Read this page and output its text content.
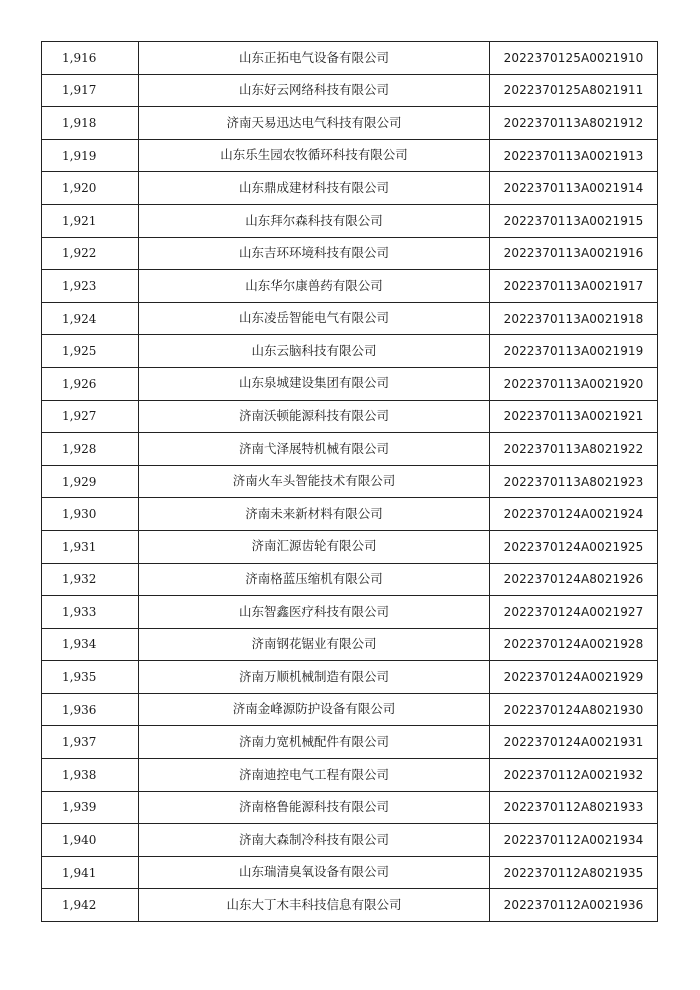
1,916	山东正拓电气设备有限公司	2022370125A0021910
1,917	山东好云网络科技有限公司	2022370125A8021911
1,918	济南天易迅达电气科技有限公司	2022370113A8021912
1,919	山东乐生园农牧循环科技有限公司	2022370113A0021913
1,920	山东鼎成建材科技有限公司	2022370113A0021914
1,921	山东拜尔森科技有限公司	2022370113A0021915
1,922	山东吉环环境科技有限公司	2022370113A0021916
1,923	山东华尔康兽药有限公司	2022370113A0021917
1,924	山东凌岳智能电气有限公司	2022370113A0021918
1,925	山东云脑科技有限公司	2022370113A0021919
1,926	山东泉城建设集团有限公司	2022370113A0021920
1,927	济南沃顿能源科技有限公司	2022370113A0021921
1,928	济南弋泽展特机械有限公司	2022370113A8021922
1,929	济南火车头智能技术有限公司	2022370113A8021923
1,930	济南未来新材料有限公司	2022370124A0021924
1,931	济南汇源齿轮有限公司	2022370124A0021925
1,932	济南格蓝压缩机有限公司	2022370124A8021926
1,933	山东智鑫医疗科技有限公司	2022370124A0021927
1,934	济南钢花锯业有限公司	2022370124A0021928
1,935	济南万顺机械制造有限公司	2022370124A0021929
1,936	济南金峰源防护设备有限公司	2022370124A8021930
1,937	济南力宽机械配件有限公司	2022370124A0021931
1,938	济南迪控电气工程有限公司	2022370112A0021932
1,939	济南格鲁能源科技有限公司	2022370112A8021933
1,940	济南大森制冷科技有限公司	2022370112A0021934
1,941	山东瑞清臭氧设备有限公司	2022370112A8021935
1,942	山东大丁木丰科技信息有限公司	2022370112A0021936
